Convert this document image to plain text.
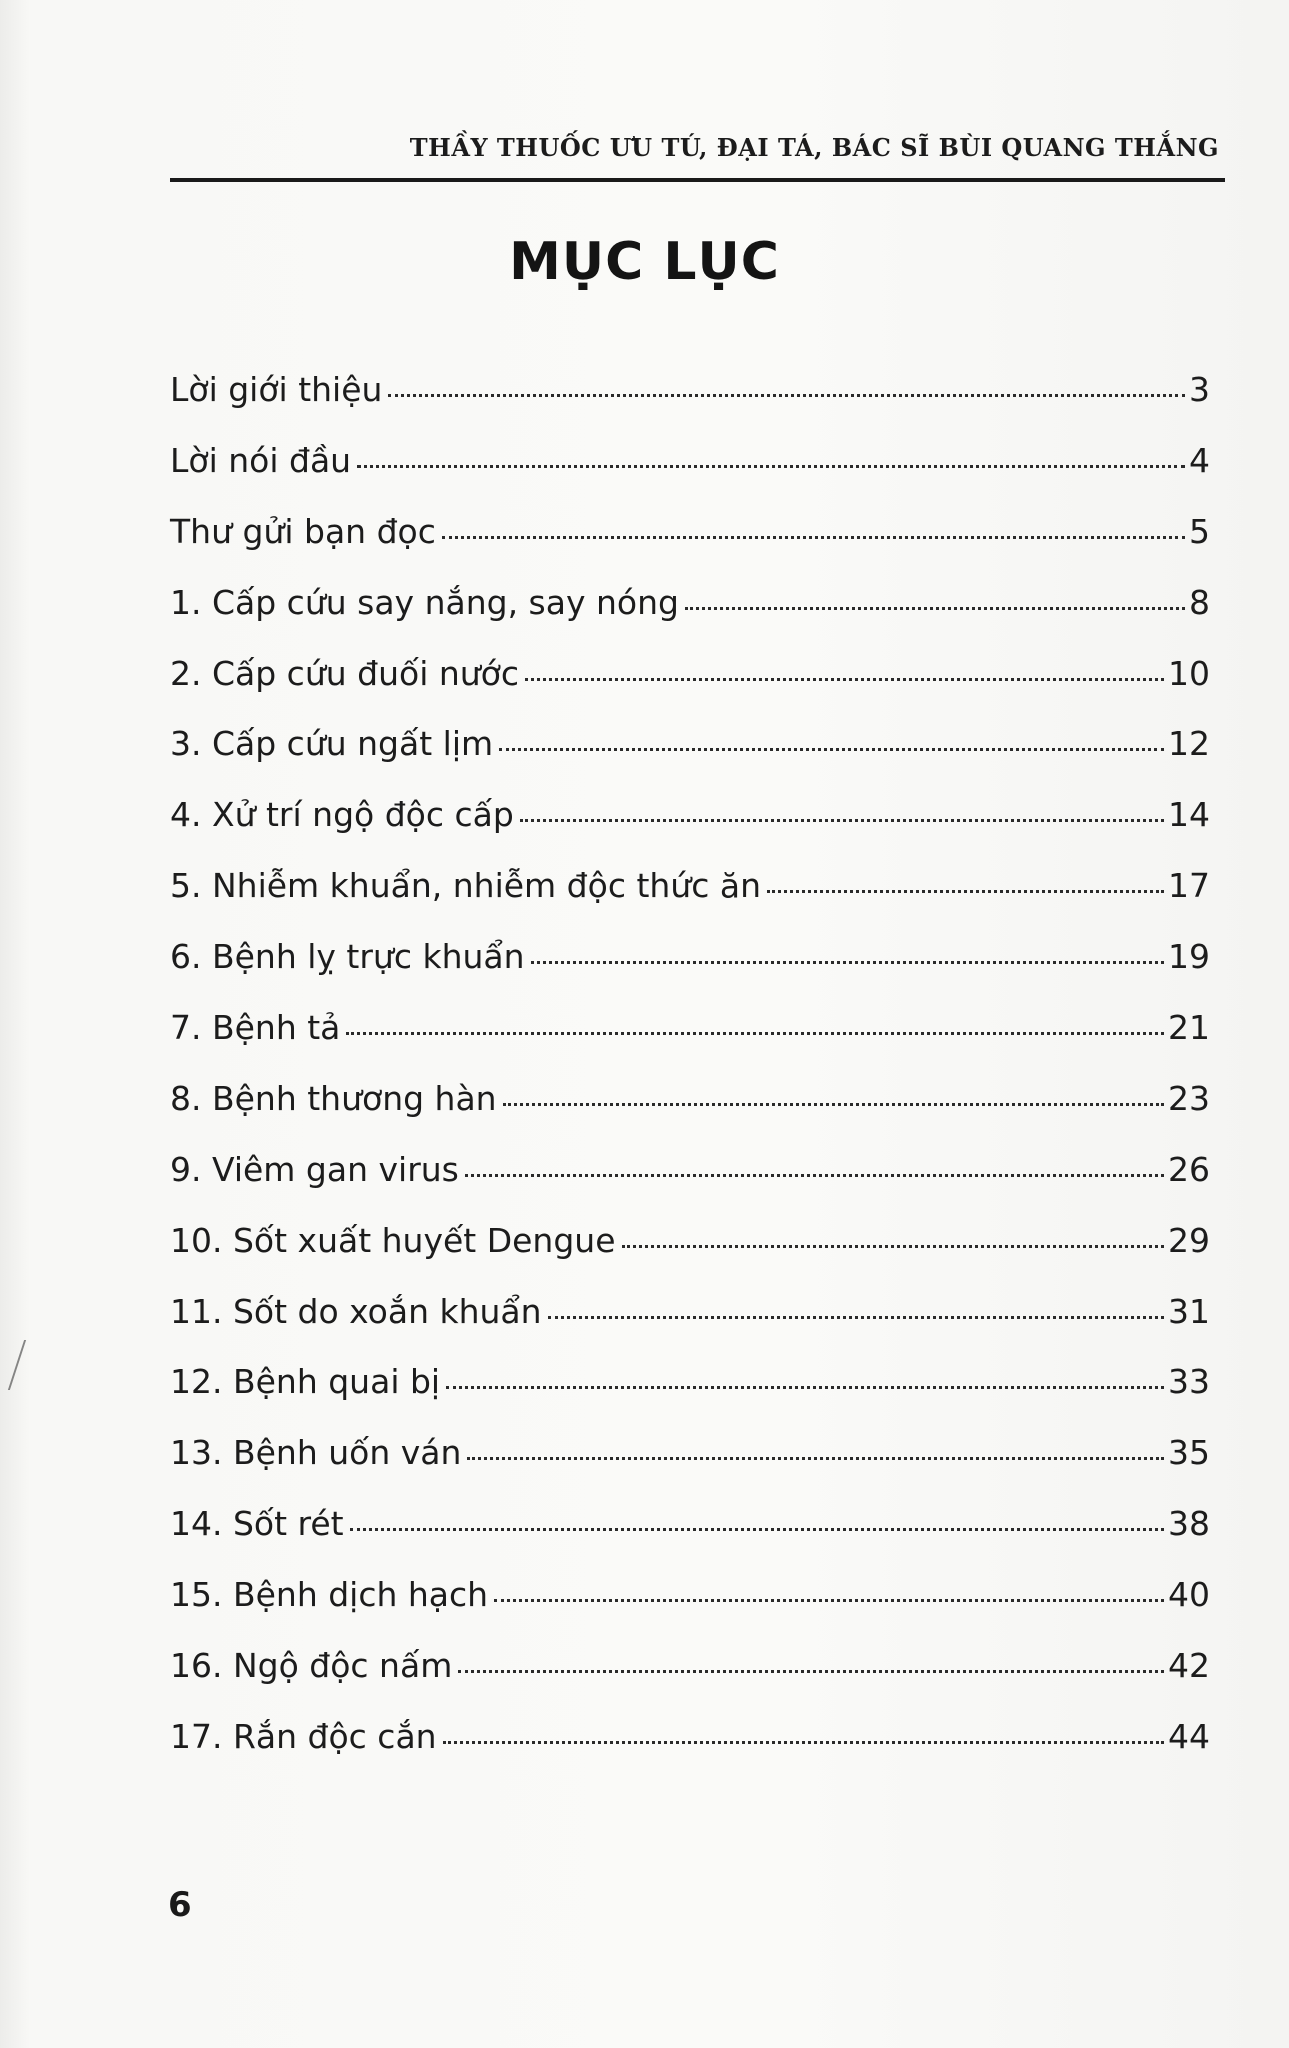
THẦY THUỐC ƯU TÚ, ĐẠI TÁ, BÁC SĨ BÙI QUANG THẮNG
MỤC LỤC
Lời giới thiệu	3
Lời nói đầu	4
Thư gửi bạn đọc	5
1. Cấp cứu say nắng, say nóng	8
2. Cấp cứu đuối nước	10
3. Cấp cứu ngất lịm	12
4. Xử trí ngộ độc cấp	14
5. Nhiễm khuẩn, nhiễm độc thức ăn	17
6. Bệnh lỵ trực khuẩn	19
7. Bệnh tả	21
8. Bệnh thương hàn	23
9. Viêm gan virus	26
10. Sốt xuất huyết Dengue	29
11. Sốt do xoắn khuẩn	31
12. Bệnh quai bị	33
13. Bệnh uốn ván	35
14. Sốt rét	38
15. Bệnh dịch hạch	40
16. Ngộ độc nấm	42
17. Rắn độc cắn	44
6
